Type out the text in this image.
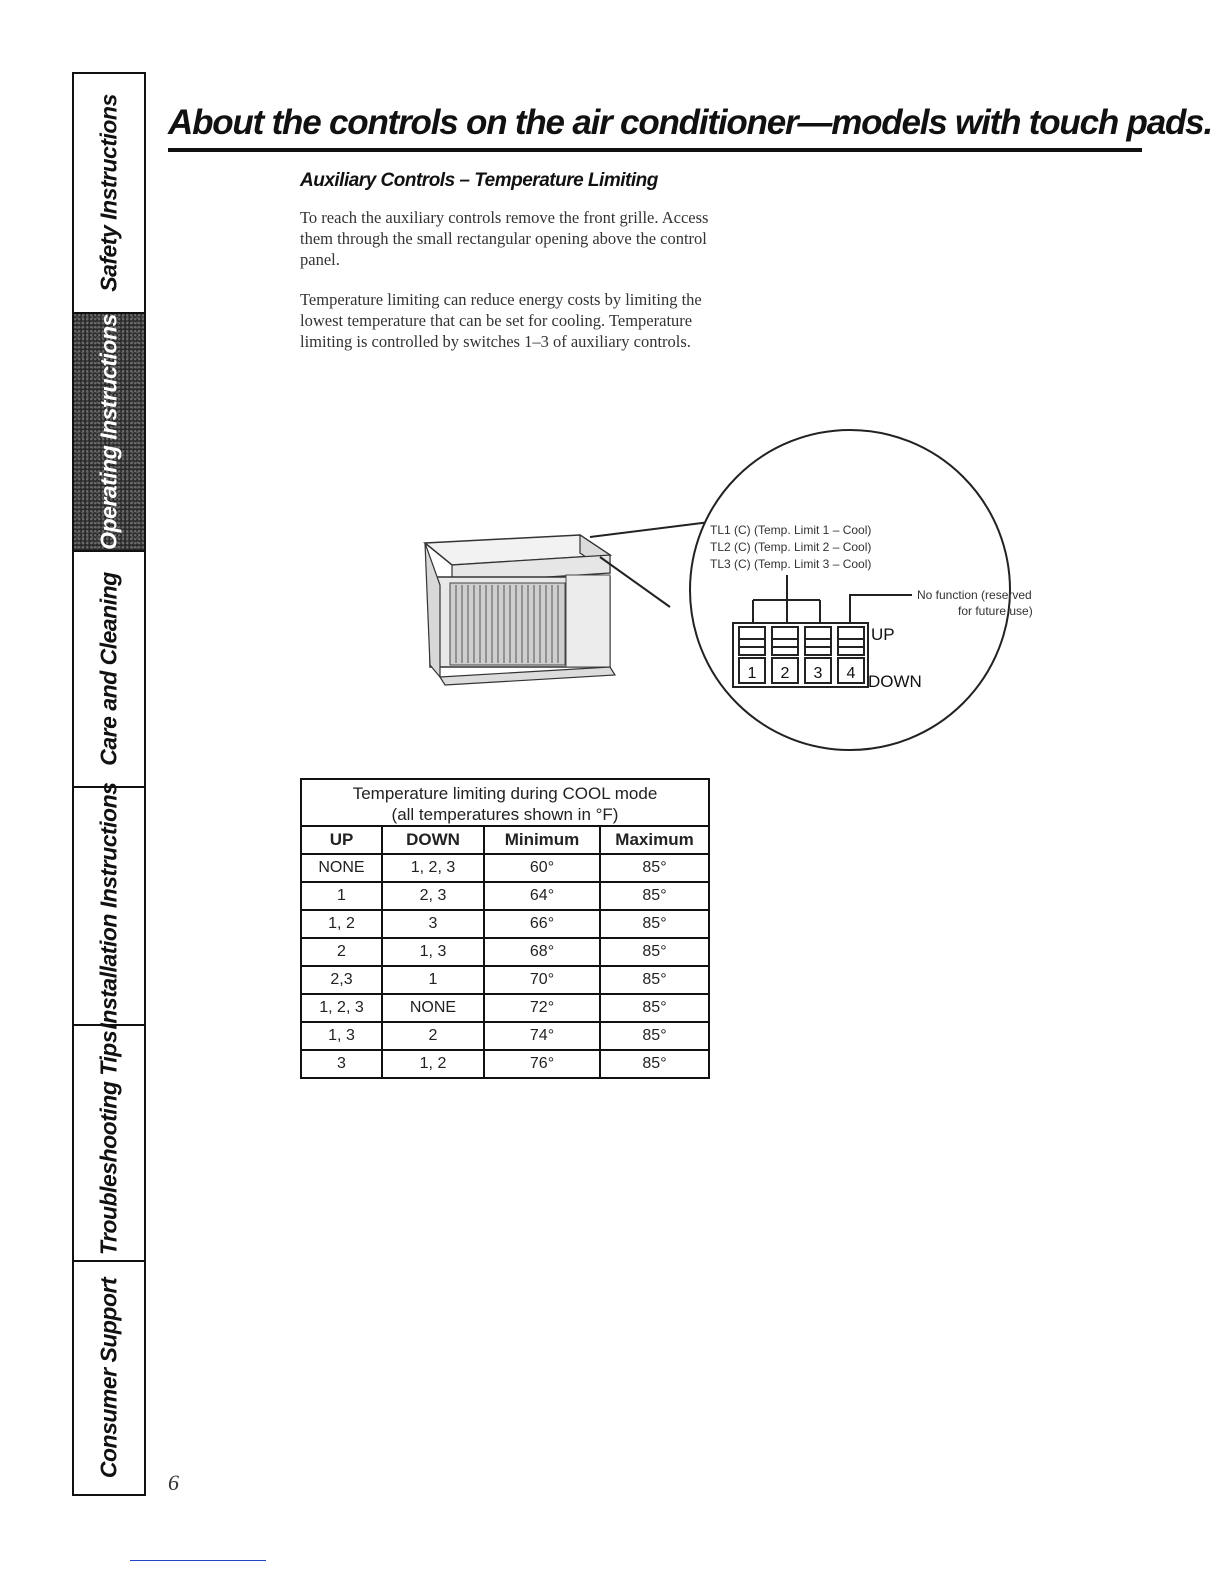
Safety Instructions
Operating Instructions
Care and Cleaning
Installation Instructions
Troubleshooting Tips
Consumer Support
About the controls on the air conditioner—models with touch pads.
Auxiliary Controls – Temperature Limiting

To reach the auxiliary controls remove the front grille. Access them through the small rectangular opening above the control panel.

Temperature limiting can reduce energy costs by limiting the lowest temperature that can be set for cooling. Temperature limiting is controlled by switches 1–3 of auxiliary controls.

TL1 (C) (Temp. Limit 1 – Cool)
TL2 (C) (Temp. Limit 2 – Cool)
TL3 (C) (Temp. Limit 3 – Cool)
No function (reserved
for future use)
1 2 3 4
UP
DOWN
Temperature limiting during COOL mode
(all temperatures shown in °F)
UP	DOWN	Minimum	Maximum
NONE	1, 2, 3	60°	85°
1	2, 3	64°	85°
1, 2	3	66°	85°
2	1, 3	68°	85°
2,3	1	70°	85°
1, 2, 3	NONE	72°	85°
1, 3	2	74°	85°
3	1, 2	76°	85°
6
